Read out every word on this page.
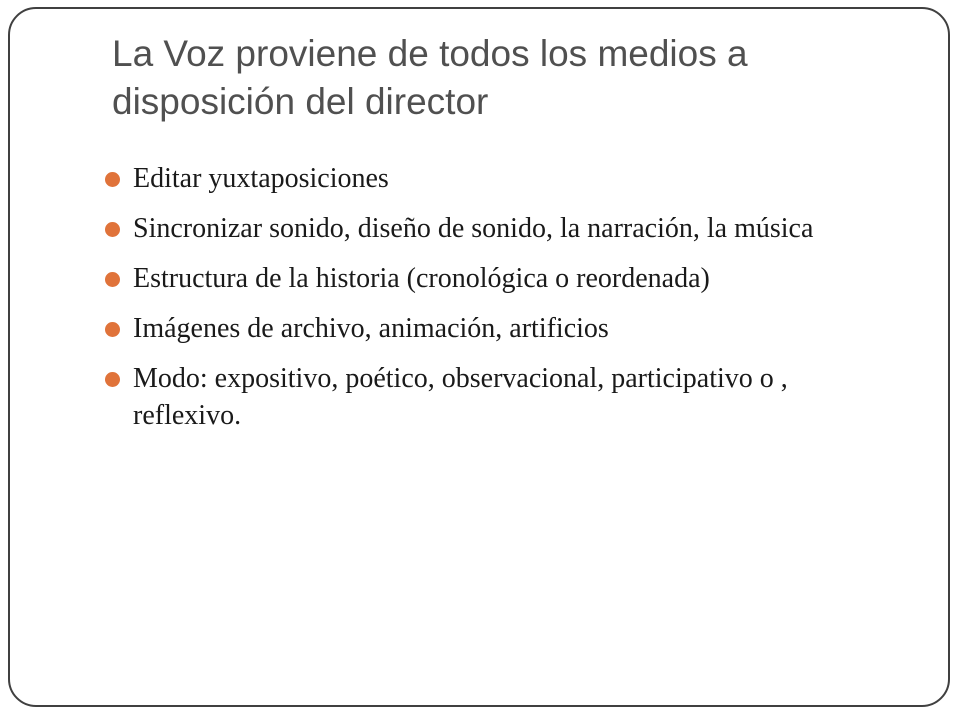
La Voz proviene de todos los medios a disposición del director
Editar yuxtaposiciones
Sincronizar sonido, diseño de sonido, la narración, la música
Estructura de la historia (cronológica o reordenada)
Imágenes de archivo, animación, artificios
Modo: expositivo, poético, observacional, participativo o , reflexivo.
